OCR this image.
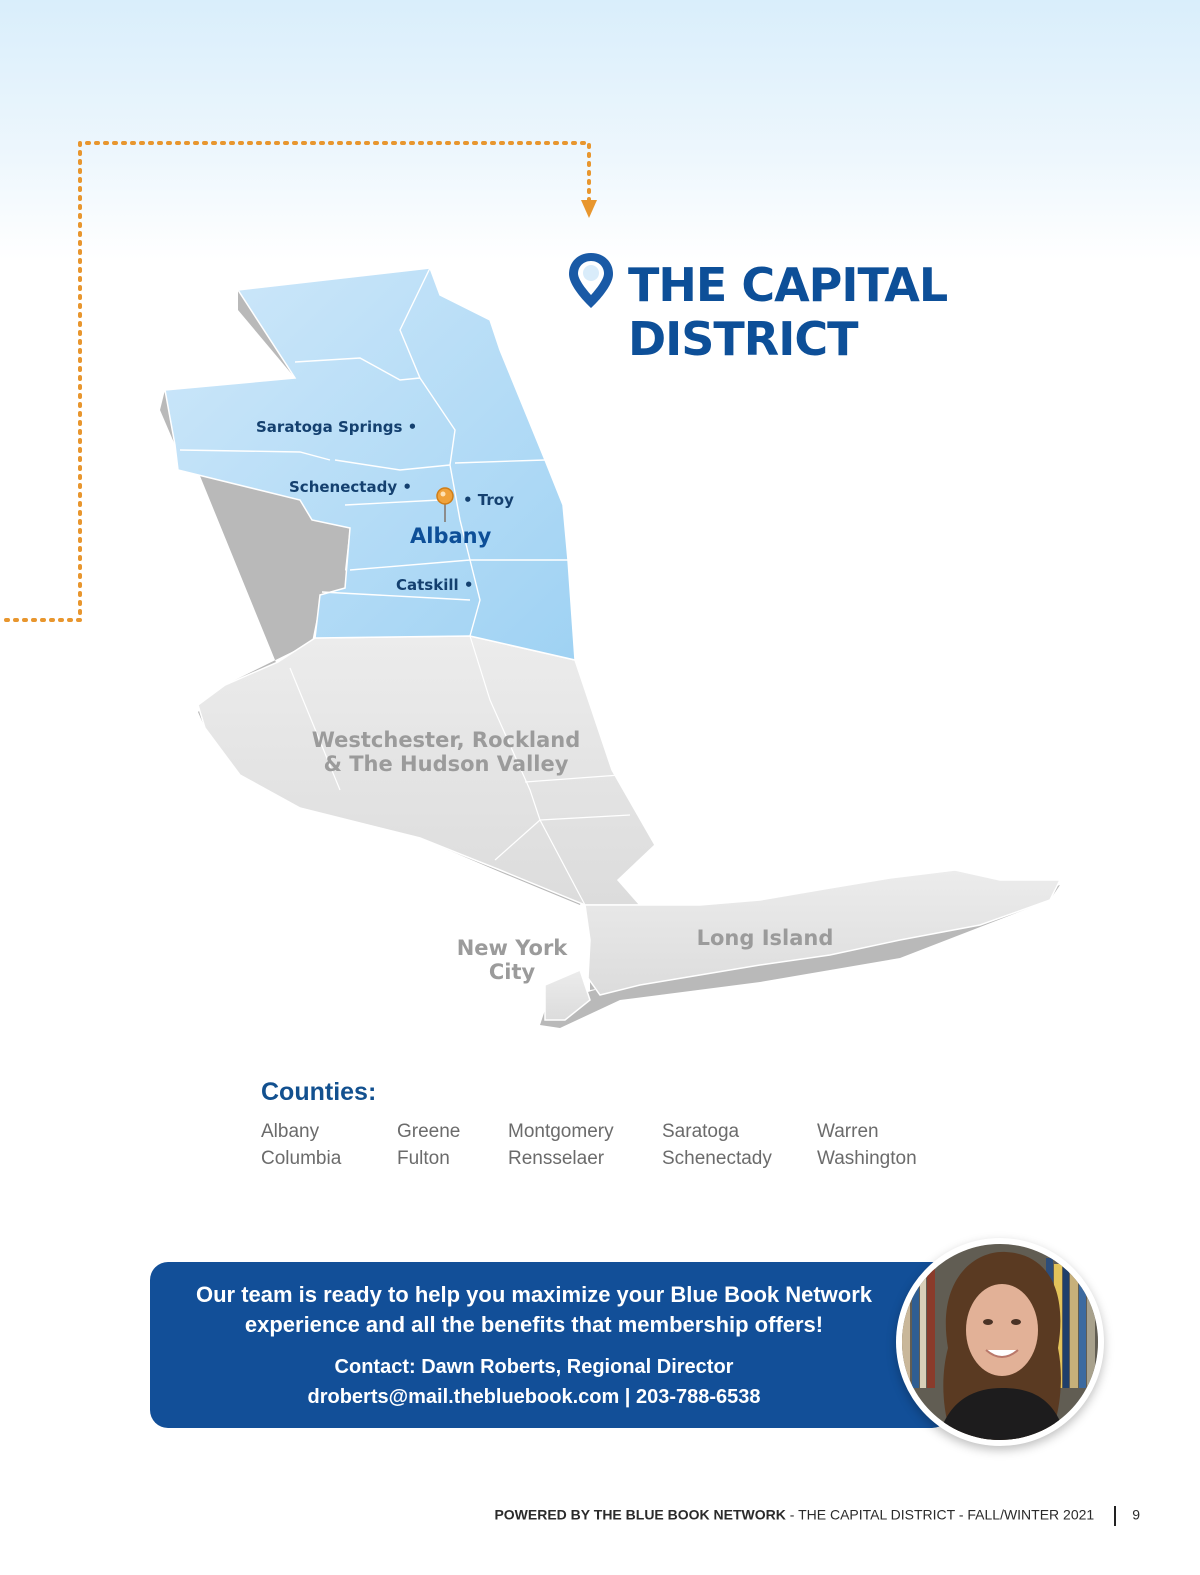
THE CAPITAL
DISTRICT
Saratoga Springs •
Schenectady •
• Troy
Albany
Catskill •
Westchester, Rockland
& The Hudson Valley
New York
City
Long Island
Counties:
Albany
Columbia
Greene
Fulton
Montgomery
Rensselaer
Saratoga
Schenectady
Warren
Washington
Our team is ready to help you maximize your Blue Book Network
experience and all the benefits that membership offers!
Contact: Dawn Roberts, Regional Director
droberts@mail.thebluebook.com | 203-788-6538
POWERED BY THE BLUE BOOK NETWORK - THE CAPITAL DISTRICT - FALL/WINTER 2021	9
